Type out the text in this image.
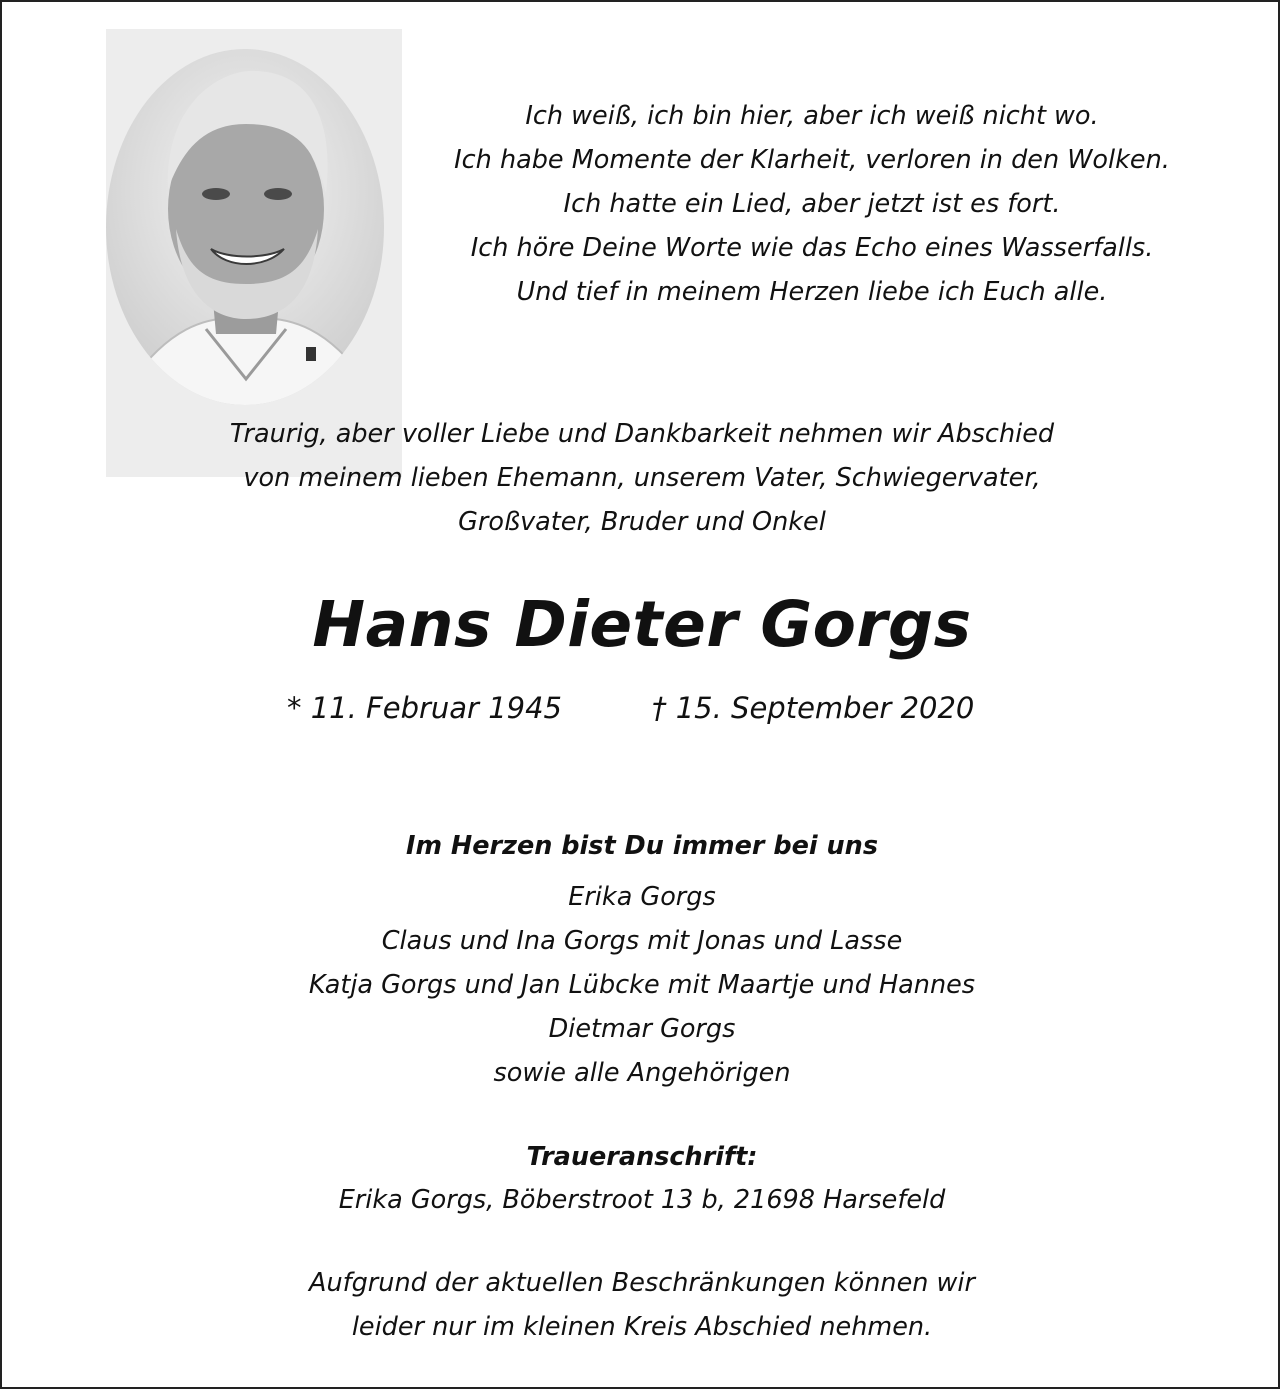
Ich weiß, ich bin hier, aber ich weiß nicht wo.
Ich habe Momente der Klarheit, verloren in den Wolken.
Ich hatte ein Lied, aber jetzt ist es fort.
Ich höre Deine Worte wie das Echo eines Wasserfalls.
Und tief in meinem Herzen liebe ich Euch alle.
Traurig, aber voller Liebe und Dankbarkeit nehmen wir Abschied
von meinem lieben Ehemann, unserem Vater, Schwiegervater,
Großvater, Bruder und Onkel
Hans Dieter Gorgs
* 11. Februar 1945	† 15. September 2020
Im Herzen bist Du immer bei uns
Erika Gorgs
Claus und Ina Gorgs mit Jonas und Lasse
Katja Gorgs und Jan Lübcke mit Maartje und Hannes
Dietmar Gorgs
sowie alle Angehörigen
Traueranschrift:
Erika Gorgs, Böberstroot 13 b, 21698 Harsefeld
Aufgrund der aktuellen Beschränkungen können wir
leider nur im kleinen Kreis Abschied nehmen.
